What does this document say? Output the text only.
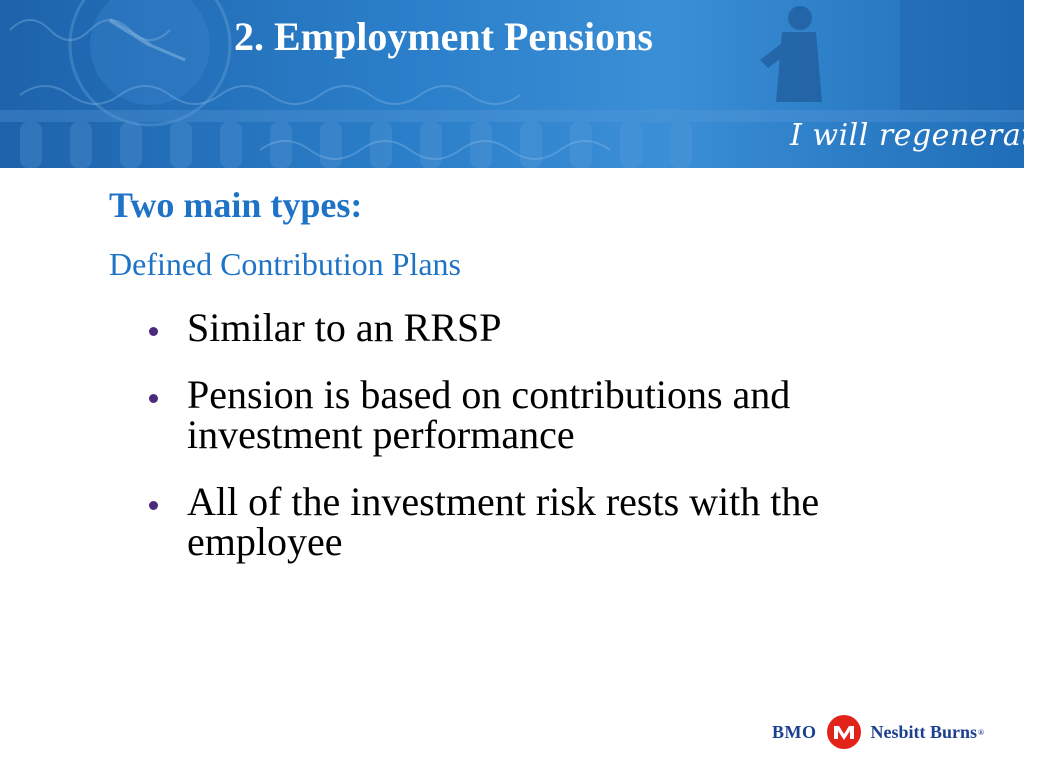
2. Employment Pensions
I will regenerate
Two main types:
Defined Contribution Plans
Similar to an RRSP
Pension is based on contributions and investment performance
All of the investment risk rests with the employee
BMO	Nesbitt Burns ®
